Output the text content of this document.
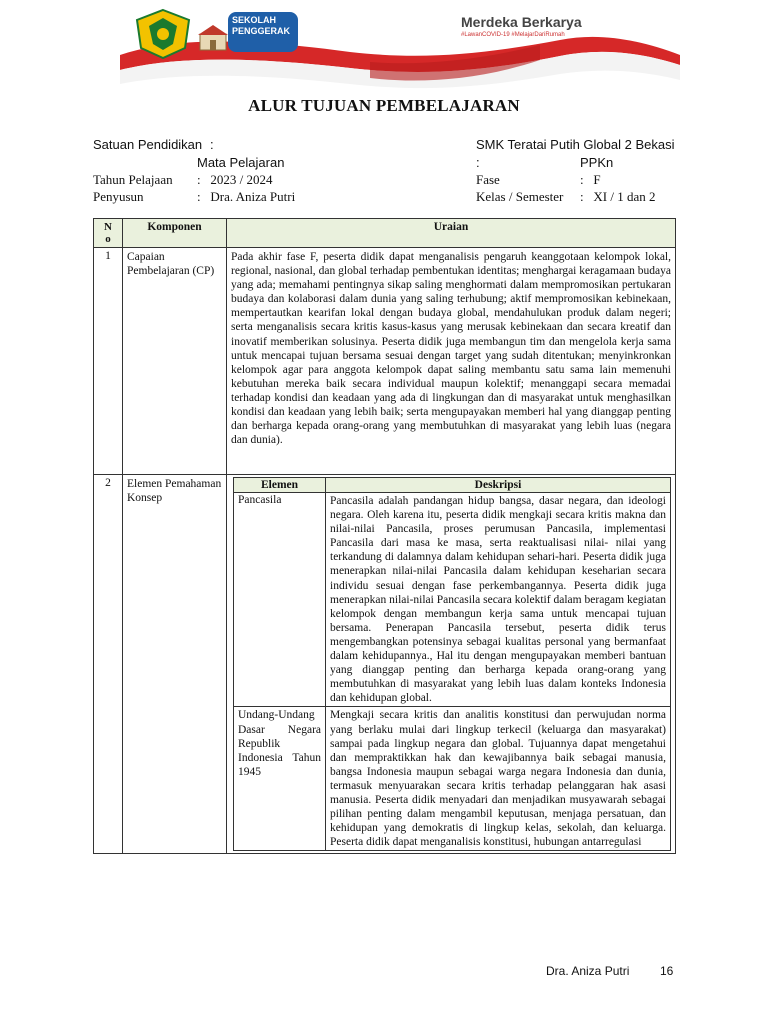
SEKOLAH PENGGERAK
Merdeka Berkarya
#LawanCOVID-19 #MelajarDariRumah
ALUR TUJUAN PEMBELAJARAN
Satuan Pendidikan :	SMK Teratai Putih Global 2 Bekasi
Mata Pelajaran	:	PPKn
Tahun Pelajaan :   2023 / 2024	Fase	:   F
Penyusun	:   Dra. Aniza Putri	Kelas / Semester :   XI / 1 dan 2
No	Komponen	Uraian
1	Capaian Pembelajaran (CP)	Pada akhir fase F, peserta didik dapat menganalisis pengaruh keanggotaan kelompok lokal, regional, nasional, dan global terhadap pembentukan identitas; menghargai keragamaan budaya yang ada; memahami pentingnya sikap saling menghormati dalam mempromosikan pertukaran budaya dan kolaborasi dalam dunia yang saling terhubung; aktif mempromosikan kebinekaan, mempertautkan kearifan lokal dengan budaya global, mendahulukan produk dalam negeri; serta menganalisis secara kritis kasus-kasus yang merusak kebinekaan dan secara kreatif dan inovatif memberikan solusinya. Peserta didik juga membangun tim dan mengelola kerja sama untuk mencapai tujuan bersama sesuai dengan target yang sudah ditentukan; menyinkronkan kelompok agar para anggota kelompok dapat saling membantu satu sama lain memenuhi kebutuhan mereka baik secara individual maupun kolektif; menanggapi secara memadai terhadap kondisi dan keadaan yang ada di lingkungan dan di masyarakat untuk menghasilkan kondisi dan keadaan yang lebih baik; serta mengupayakan memberi hal yang dianggap penting dan berharga kepada orang-orang yang membutuhkan di masyarakat yang lebih luas (negara dan dunia).
2	Elemen Pemahaman Konsep	
Elemen	Deskripsi
Pancasila	Pancasila adalah pandangan hidup bangsa, dasar negara, dan ideologi negara. Oleh karena itu, peserta didik mengkaji secara kritis makna dan nilai-nilai Pancasila, proses perumusan Pancasila, implementasi Pancasila dari masa ke masa, serta reaktualisasi nilai- nilai yang terkandung di dalamnya dalam kehidupan sehari-hari. Peserta didik juga menerapkan nilai-nilai Pancasila dalam kehidupan keseharian secara individu sesuai dengan fase perkembangannya. Peserta didik juga menerapkan nilai-nilai Pancasila secara kolektif dalam beragam kegiatan kelompok dengan membangun kerja sama untuk mencapai tujuan bersama. Penerapan Pancasila tersebut, peserta didik terus mengembangkan potensinya sebagai kualitas personal yang bermanfaat dalam kehidupannya., Hal itu dengan mengupayakan memberi bantuan yang dianggap penting dan berharga kepada orang-orang yang membutuhkan di masyarakat yang lebih luas dalam konteks Indonesia dan kehidupan global.
Undang-Undang Dasar Negara Republik Indonesia Tahun 1945	Mengkaji secara kritis dan analitis konstitusi dan perwujudan norma yang berlaku mulai dari lingkup terkecil (keluarga dan masyarakat) sampai pada lingkup negara dan global. Tujuannya dapat mengetahui dan mempraktikkan hak dan kewajibannya baik sebagai manusia, bangsa Indonesia maupun sebagai warga negara Indonesia dan dunia, termasuk menyuarakan secara kritis terhadap pelanggaran hak asasi manusia. Peserta didik menyadari dan menjadikan musyawarah sebagai pilihan penting dalam mengambil keputusan, menjaga persatuan, dan kehidupan yang demokratis di lingkup kelas, sekolah, dan keluarga. Peserta didik dapat menganalisis konstitusi, hubungan antarregulasi
Dra. Aniza Putri	16
